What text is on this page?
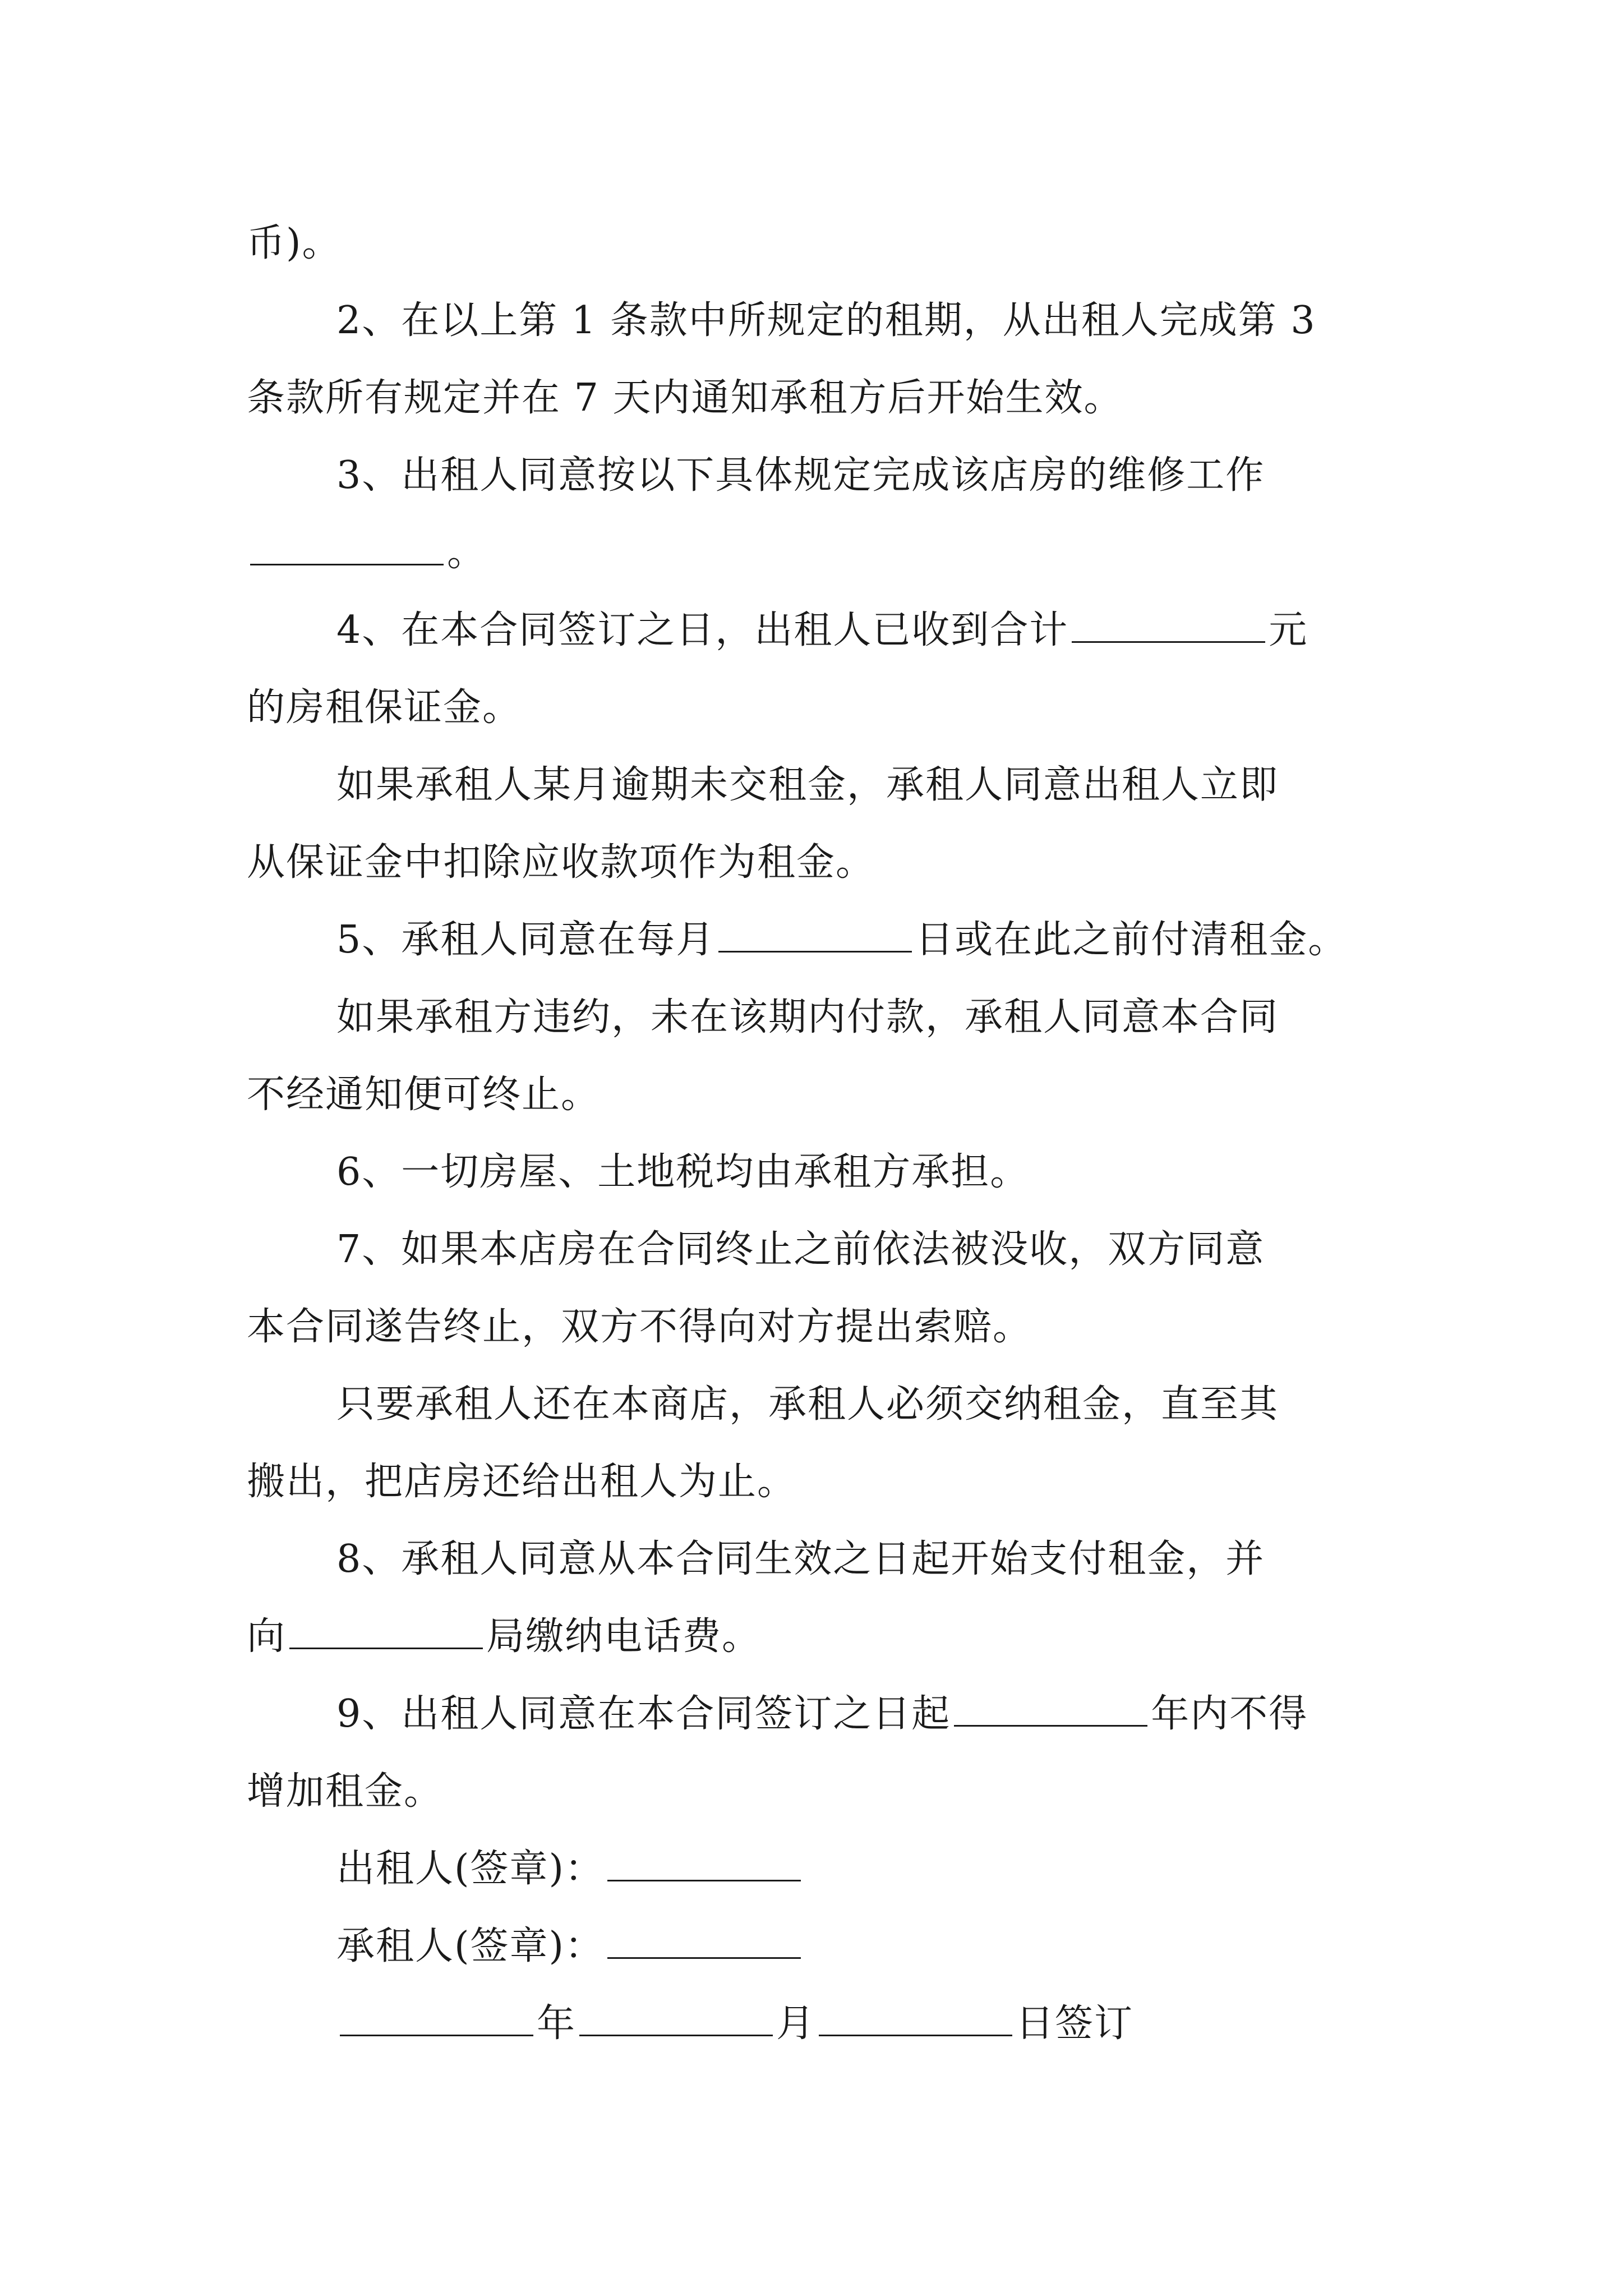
币)。

2、在以上第 1 条款中所规定的租期，从出租人完成第 3

条款所有规定并在 7 天内通知承租方后开始生效。

3、出租人同意按以下具体规定完成该店房的维修工作

。

4、在本合同签订之日，出租人已收到合计	元

的房租保证金。

如果承租人某月逾期未交租金，承租人同意出租人立即

从保证金中扣除应收款项作为租金。

5、承租人同意在每月	日或在此之前付清租金。

如果承租方违约，未在该期内付款，承租人同意本合同

不经通知便可终止。

6、一切房屋、土地税均由承租方承担。

7、如果本店房在合同终止之前依法被没收，双方同意

本合同遂告终止，双方不得向对方提出索赔。

只要承租人还在本商店，承租人必须交纳租金，直至其

搬出，把店房还给出租人为止。

8、承租人同意从本合同生效之日起开始支付租金，并

向	局缴纳电话费。

9、出租人同意在本合同签订之日起	年内不得

增加租金。

出租人(签章)：

承租人(签章)：

年	月	日签订
